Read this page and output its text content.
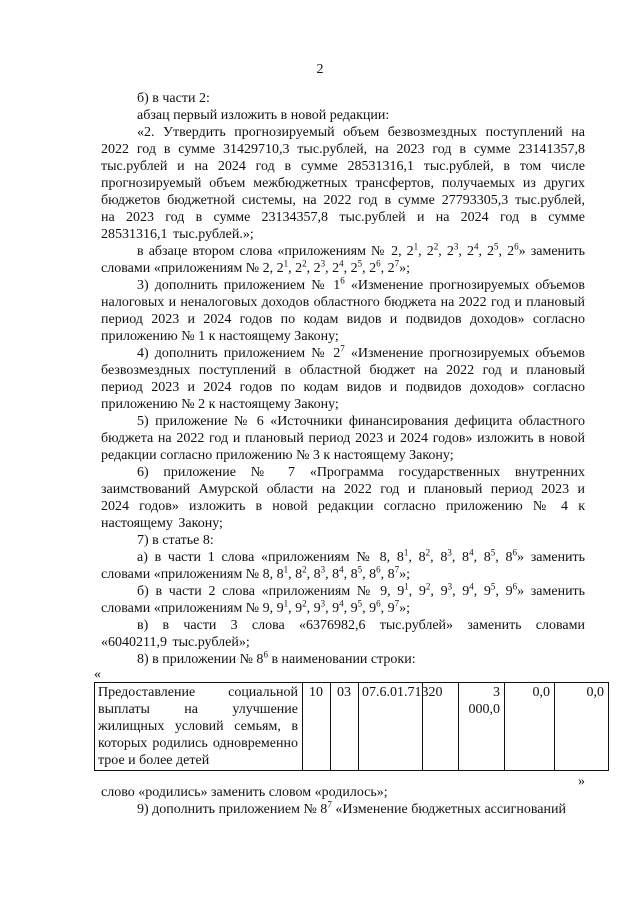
2

б) в части 2:

абзац первый изложить в новой редакции:

«2. Утвердить прогнозируемый объем безвозмездных поступлений на 2022 год в сумме 31429710,3 тыс.рублей, на 2023 год в сумме 23141357,8 тыс.рублей и на 2024 год в сумме 28531316,1 тыс.рублей, в том числе прогнозируемый объем межбюджетных трансфертов, получаемых из других бюджетов бюджетной системы, на 2022 год в сумме 27793305,3 тыс.рублей, на 2023 год в сумме 23134357,8 тыс.рублей и на 2024 год в сумме 28531316,1 тыс.рублей.»;

в абзаце втором слова «приложениям № 2, $2^1$, $2^2$, $2^3$, $2^4$, $2^5$, $2^6$» заменить словами «приложениям № 2, $2^1$, $2^2$, $2^3$, $2^4$, $2^5$, $2^6$, $2^7$»;

3) дополнить приложением № $1^6$ «Изменение прогнозируемых объемов налоговых и неналоговых доходов областного бюджета на 2022 год и плановый период 2023 и 2024 годов по кодам видов и подвидов доходов» согласно приложению № 1 к настоящему Закону;

4) дополнить приложением № $2^7$ «Изменение прогнозируемых объемов безвозмездных поступлений в областной бюджет на 2022 год и плановый период 2023 и 2024 годов по кодам видов и подвидов доходов» согласно приложению № 2 к настоящему Закону;

5) приложение № 6 «Источники финансирования дефицита областного бюджета на 2022 год и плановый период 2023 и 2024 годов» изложить в новой редакции согласно приложению № 3 к настоящему Закону;

6) приложение № 7 «Программа государственных внутренних заимствований Амурской области на 2022 год и плановый период 2023 и 2024 годов» изложить в новой редакции согласно приложению № 4 к настоящему Закону;

7) в статье 8:

а) в части 1 слова «приложениям № 8, $8^1$, $8^2$, $8^3$, $8^4$, $8^5$, $8^6$» заменить словами «приложениям № 8, $8^1$, $8^2$, $8^3$, $8^4$, $8^5$, $8^6$, $8^7$»;

б) в части 2 слова «приложениям № 9, $9^1$, $9^2$, $9^3$, $9^4$, $9^5$, $9^6$» заменить словами «приложениям № 9, $9^1$, $9^2$, $9^3$, $9^4$, $9^5$, $9^6$, $9^7$»;

в) в части 3 слова «6376982,6 тыс.рублей» заменить словами «6040211,9 тыс.рублей»;

8) в приложении № $8^6$ в наименовании строки:

«
Предоставление социальной выплаты на улучшение жилищных условий семьям, в которых родились одновременно трое и более детей	10	03	07.6.01.71320		3 000,0	0,0	0,0
»

слово «родились» заменить словом «родилось»;

9) дополнить приложением № $8^7$ «Изменение бюджетных ассигнований
